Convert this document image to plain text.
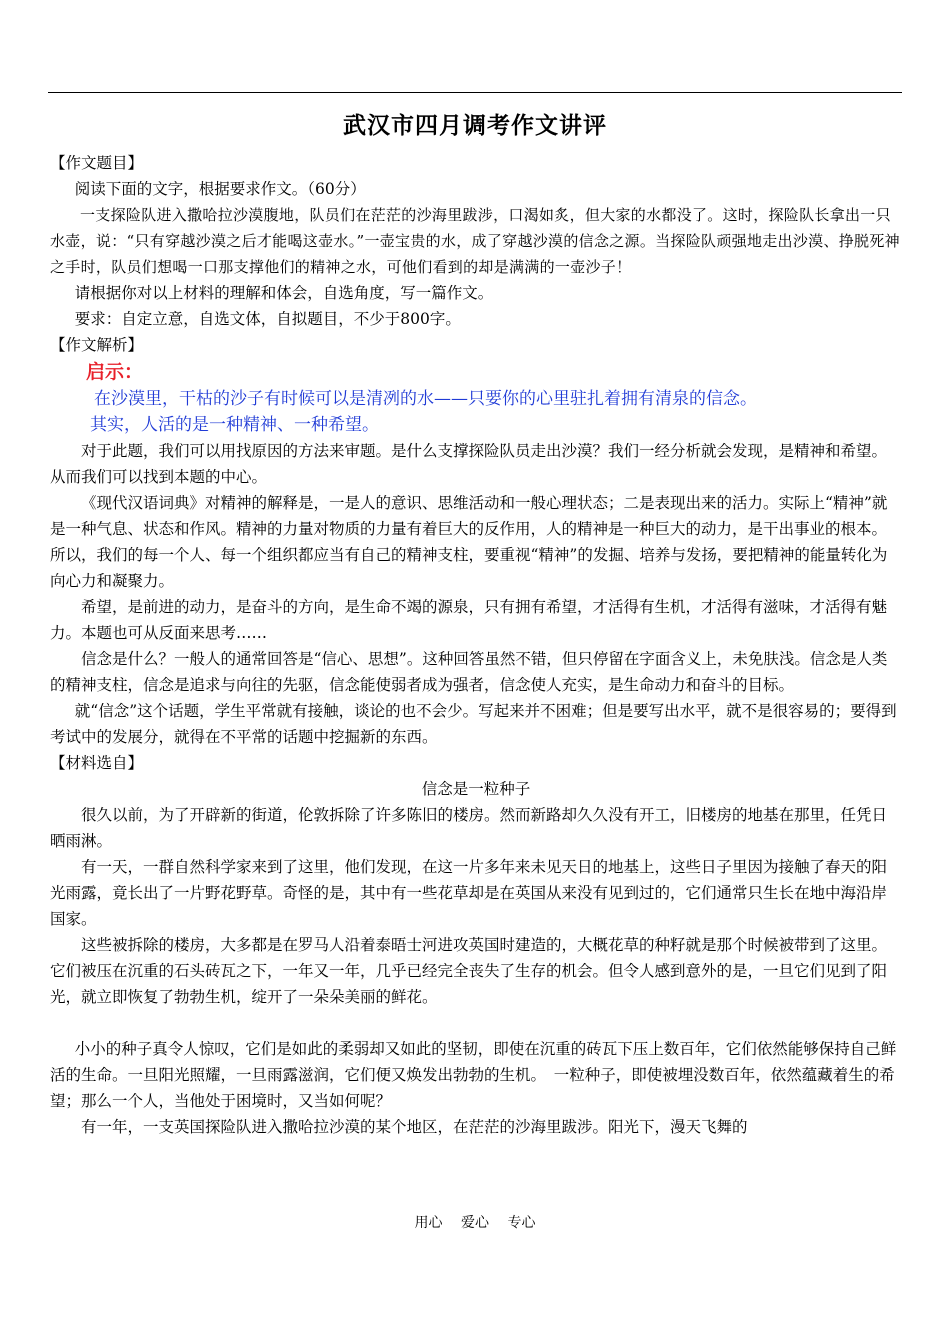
武汉市四月调考作文讲评

【作文题目】

阅读下面的文字，根据要求作文。（60分）

一支探险队进入撒哈拉沙漠腹地，队员们在茫茫的沙海里跋涉，口渴如炙，但大家的水都没了。这时，探险队长拿出一只水壶，说：“只有穿越沙漠之后才能喝这壶水。”一壶宝贵的水，成了穿越沙漠的信念之源。当探险队顽强地走出沙漠、挣脱死神之手时，队员们想喝一口那支撑他们的精神之水，可他们看到的却是满满的一壶沙子！

请根据你对以上材料的理解和体会，自选角度，写一篇作文。

要求：自定立意，自选文体，自拟题目，不少于800字。

【作文解析】

启示：

在沙漠里，干枯的沙子有时候可以是清冽的水——只要你的心里驻扎着拥有清泉的信念。

其实，人活的是一种精神、一种希望。

对于此题，我们可以用找原因的方法来审题。是什么支撑探险队员走出沙漠？我们一经分析就会发现，是精神和希望。从而我们可以找到本题的中心。

《现代汉语词典》对精神的解释是，一是人的意识、思维活动和一般心理状态；二是表现出来的活力。实际上“精神”就是一种气息、状态和作风。精神的力量对物质的力量有着巨大的反作用，人的精神是一种巨大的动力，是干出事业的根本。所以，我们的每一个人、每一个组织都应当有自己的精神支柱，要重视“精神”的发掘、培养与发扬，要把精神的能量转化为向心力和凝聚力。

希望，是前进的动力，是奋斗的方向，是生命不竭的源泉，只有拥有希望，才活得有生机，才活得有滋味，才活得有魅力。本题也可从反面来思考……

信念是什么？一般人的通常回答是“信心、思想”。这种回答虽然不错，但只停留在字面含义上，未免肤浅。信念是人类的精神支柱，信念是追求与向往的先驱，信念能使弱者成为强者，信念使人充实，是生命动力和奋斗的目标。

就“信念”这个话题，学生平常就有接触，谈论的也不会少。写起来并不困难；但是要写出水平，就不是很容易的；要得到考试中的发展分，就得在不平常的话题中挖掘新的东西。

【材料选自】

信念是一粒种子

很久以前，为了开辟新的街道，伦敦拆除了许多陈旧的楼房。然而新路却久久没有开工，旧楼房的地基在那里，任凭日晒雨淋。

有一天，一群自然科学家来到了这里，他们发现，在这一片多年来未见天日的地基上，这些日子里因为接触了春天的阳光雨露，竟长出了一片野花野草。奇怪的是，其中有一些花草却是在英国从来没有见到过的，它们通常只生长在地中海沿岸国家。

这些被拆除的楼房，大多都是在罗马人沿着泰晤士河进攻英国时建造的，大概花草的种籽就是那个时候被带到了这里。它们被压在沉重的石头砖瓦之下，一年又一年，几乎已经完全丧失了生存的机会。但令人感到意外的是，一旦它们见到了阳光，就立即恢复了勃勃生机，绽开了一朵朵美丽的鲜花。

小小的种子真令人惊叹，它们是如此的柔弱却又如此的坚韧，即使在沉重的砖瓦下压上数百年，它们依然能够保持自己鲜活的生命。一旦阳光照耀，一旦雨露滋润，它们便又焕发出勃勃的生机。　一粒种子，即使被埋没数百年，依然蕴藏着生的希望；那么一个人，当他处于困境时，又当如何呢？

有一年，一支英国探险队进入撒哈拉沙漠的某个地区，在茫茫的沙海里跋涉。阳光下，漫天飞舞的

用心 爱心 专心
